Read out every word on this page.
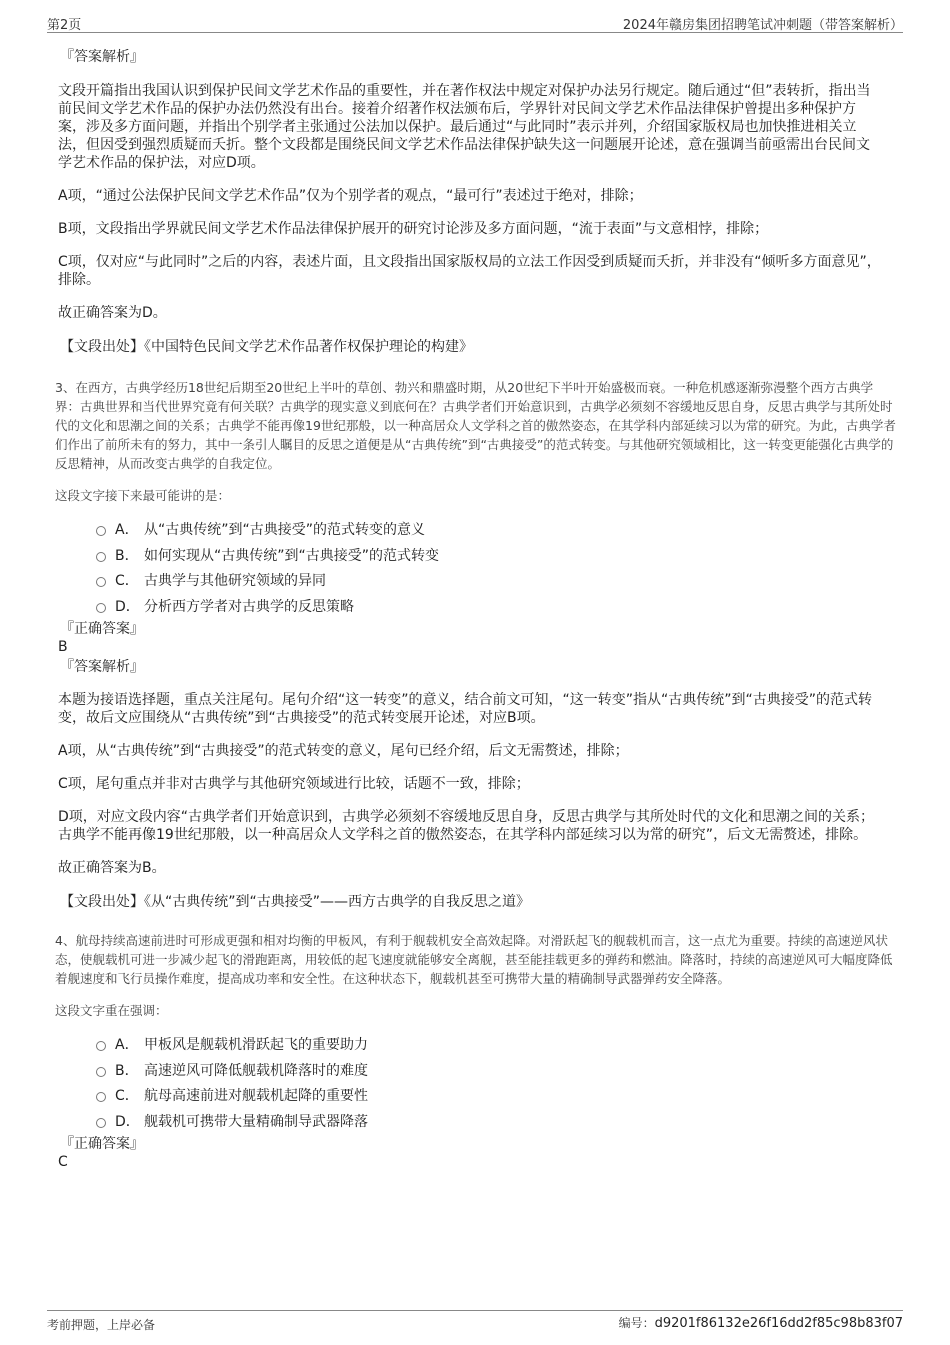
第2页	2024年赣房集团招聘笔试冲刺题（带答案解析）
『答案解析』
文段开篇指出我国认识到保护民间文学艺术作品的重要性，并在著作权法中规定对保护办法另行规定。随后通过“但”表转折，指出当前民间文学艺术作品的保护办法仍然没有出台。接着介绍著作权法颁布后，学界针对民间文学艺术作品法律保护曾提出多种保护方案，涉及多方面问题，并指出个别学者主张通过公法加以保护。最后通过“与此同时”表示并列，介绍国家版权局也加快推进相关立法，但因受到强烈质疑而夭折。整个文段都是围绕民间文学艺术作品法律保护缺失这一问题展开论述，意在强调当前亟需出台民间文学艺术作品的保护法，对应D项。
A项，“通过公法保护民间文学艺术作品”仅为个别学者的观点，“最可行”表述过于绝对，排除；
B项，文段指出学界就民间文学艺术作品法律保护展开的研究讨论涉及多方面问题，“流于表面”与文意相悖，排除；
C项，仅对应“与此同时”之后的内容，表述片面，且文段指出国家版权局的立法工作因受到质疑而夭折，并非没有“倾听多方面意见”，排除。
故正确答案为D。
【文段出处】《中国特色民间文学艺术作品著作权保护理论的构建》
3、在西方，古典学经历18世纪后期至20世纪上半叶的草创、勃兴和鼎盛时期，从20世纪下半叶开始盛极而衰。一种危机感逐渐弥漫整个西方古典学界：古典世界和当代世界究竟有何关联？古典学的现实意义到底何在？古典学者们开始意识到，古典学必须刻不容缓地反思自身，反思古典学与其所处时代的文化和思潮之间的关系；古典学不能再像19世纪那般，以一种高居众人文学科之首的傲然姿态，在其学科内部延续习以为常的研究。为此，古典学者们作出了前所未有的努力，其中一条引人瞩目的反思之道便是从“古典传统”到“古典接受”的范式转变。与其他研究领域相比，这一转变更能强化古典学的反思精神，从而改变古典学的自我定位。
这段文字接下来最可能讲的是：
A． 从“古典传统”到“古典接受”的范式转变的意义
B． 如何实现从“古典传统”到“古典接受”的范式转变
C． 古典学与其他研究领域的异同
D． 分析西方学者对古典学的反思策略
『正确答案』
B
『答案解析』
本题为接语选择题，重点关注尾句。尾句介绍“这一转变”的意义，结合前文可知，“这一转变”指从“古典传统”到“古典接受”的范式转变，故后文应围绕从“古典传统”到“古典接受”的范式转变展开论述，对应B项。
A项，从“古典传统”到“古典接受”的范式转变的意义，尾句已经介绍，后文无需赘述，排除；
C项，尾句重点并非对古典学与其他研究领域进行比较，话题不一致，排除；
D项，对应文段内容“古典学者们开始意识到，古典学必须刻不容缓地反思自身，反思古典学与其所处时代的文化和思潮之间的关系；古典学不能再像19世纪那般，以一种高居众人文学科之首的傲然姿态，在其学科内部延续习以为常的研究”，后文无需赘述，排除。
故正确答案为B。
【文段出处】《从“古典传统”到“古典接受”——西方古典学的自我反思之道》
4、航母持续高速前进时可形成更强和相对均衡的甲板风，有利于舰载机安全高效起降。对滑跃起飞的舰载机而言，这一点尤为重要。持续的高速逆风状态，使舰载机可进一步减少起飞的滑跑距离，用较低的起飞速度就能够安全离舰，甚至能挂载更多的弹药和燃油。降落时，持续的高速逆风可大幅度降低着舰速度和飞行员操作难度，提高成功率和安全性。在这种状态下，舰载机甚至可携带大量的精确制导武器弹药安全降落。
这段文字重在强调：
A． 甲板风是舰载机滑跃起飞的重要助力
B． 高速逆风可降低舰载机降落时的难度
C． 航母高速前进对舰载机起降的重要性
D． 舰载机可携带大量精确制导武器降落
『正确答案』
C
考前押题，上岸必备	编号：d9201f86132e26f16dd2f85c98b83f07
